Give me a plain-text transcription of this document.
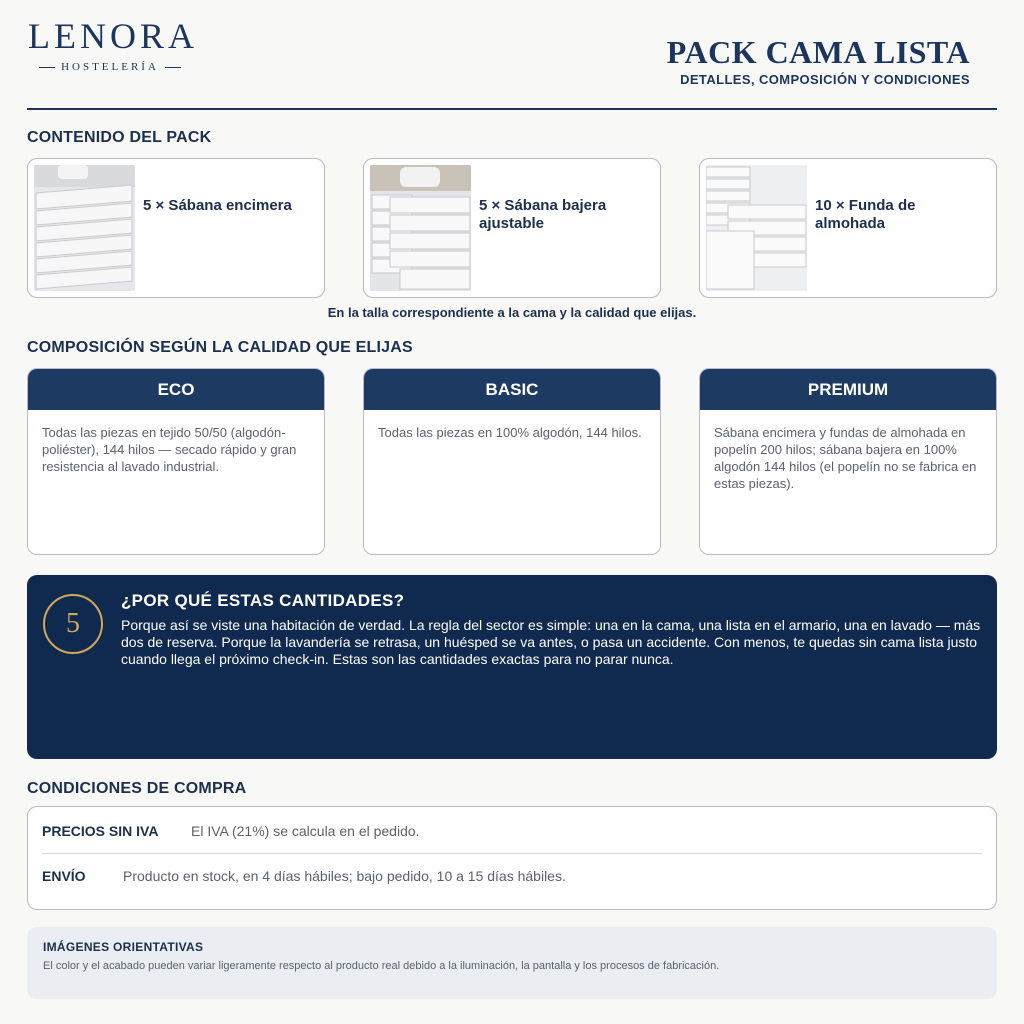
LENORA
HOSTELERÍA	PACK CAMA LISTA
DETALLES, COMPOSICIÓN Y CONDICIONES
CONTENIDO DEL PACK
5 × Sábana encimera	5 × Sábana bajera ajustable
10 × Funda de almohada
En la talla correspondiente a la cama y la calidad que elijas.
COMPOSICIÓN SEGÚN LA CALIDAD QUE ELIJAS
ECO
Todas las piezas en tejido 50/50 (algodón-poliéster), 144 hilos — secado rápido y gran resistencia al lavado industrial.
BASIC
Todas las piezas en 100% algodón, 144 hilos.
PREMIUM
Sábana encimera y fundas de almohada en popelín 200 hilos; sábana bajera en 100% algodón 144 hilos (el popelín no se fabrica en estas piezas).
5
¿POR QUÉ ESTAS CANTIDADES?
Porque así se viste una habitación de verdad. La regla del sector es simple: una en la cama, una lista en el armario, una en lavado — más dos de reserva. Porque la lavandería se retrasa, un huésped se va antes, o pasa un accidente. Con menos, te quedas sin cama lista justo cuando llega el próximo check-in. Estas son las cantidades exactas para no parar nunca.
CONDICIONES DE COMPRA
PRECIOS SIN IVA	El IVA (21%) se calcula en el pedido.
ENVÍO	Producto en stock, en 4 días hábiles; bajo pedido, 10 a 15 días hábiles.
IMÁGENES ORIENTATIVAS
El color y el acabado pueden variar ligeramente respecto al producto real debido a la iluminación, la pantalla y los procesos de fabricación.
